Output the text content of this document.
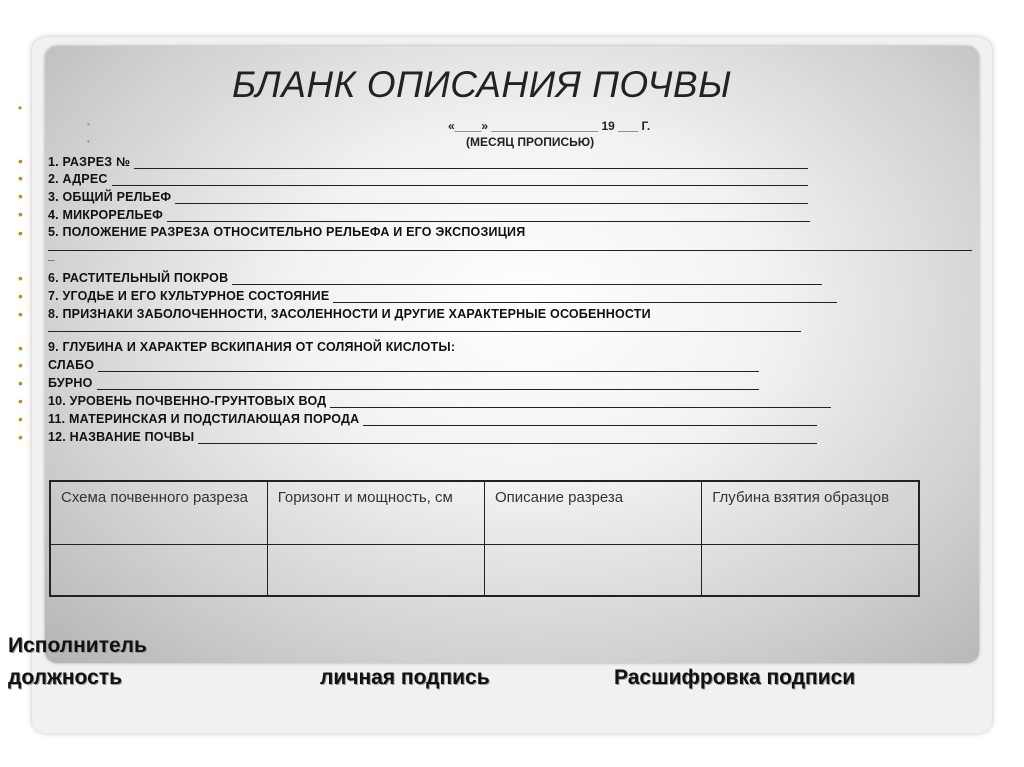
БЛАНК ОПИСАНИЯ ПОЧВЫ
•
•
•
«____» ________________ 19 ___ Г.
(МЕСЯЦ ПРОПИСЬЮ)
• 1. РАЗРЕЗ №
• 2. АДРЕС
• 3. ОБЩИЙ РЕЛЬЕФ
• 4. МИКРОРЕЛЬЕФ
• 5. ПОЛОЖЕНИЕ РАЗРЕЗА ОТНОСИТЕЛЬНО РЕЛЬЕФА И ЕГО ЭКСПОЗИЦИЯ
_
• 6. РАСТИТЕЛЬНЫЙ ПОКРОВ
• 7. УГОДЬЕ И ЕГО КУЛЬТУРНОЕ СОСТОЯНИЕ
• 8. ПРИЗНАКИ ЗАБОЛОЧЕННОСТИ, ЗАСОЛЕННОСТИ И ДРУГИЕ ХАРАКТЕРНЫЕ ОСОБЕННОСТИ
• 9. ГЛУБИНА И ХАРАКТЕР ВСКИПАНИЯ ОТ СОЛЯНОЙ КИСЛОТЫ:
• СЛАБО
• БУРНО
• 10. УРОВЕНЬ ПОЧВЕННО-ГРУНТОВЫХ ВОД
• 11. МАТЕРИНСКАЯ И ПОДСТИЛАЮЩАЯ ПОРОДА
• 12. НАЗВАНИЕ ПОЧВЫ
Схема почвенного разреза	Горизонт и мощность, см	Описание разреза	Глубина взятия образцов

Исполнитель
должность	личная подпись	Расшифровка подписи
